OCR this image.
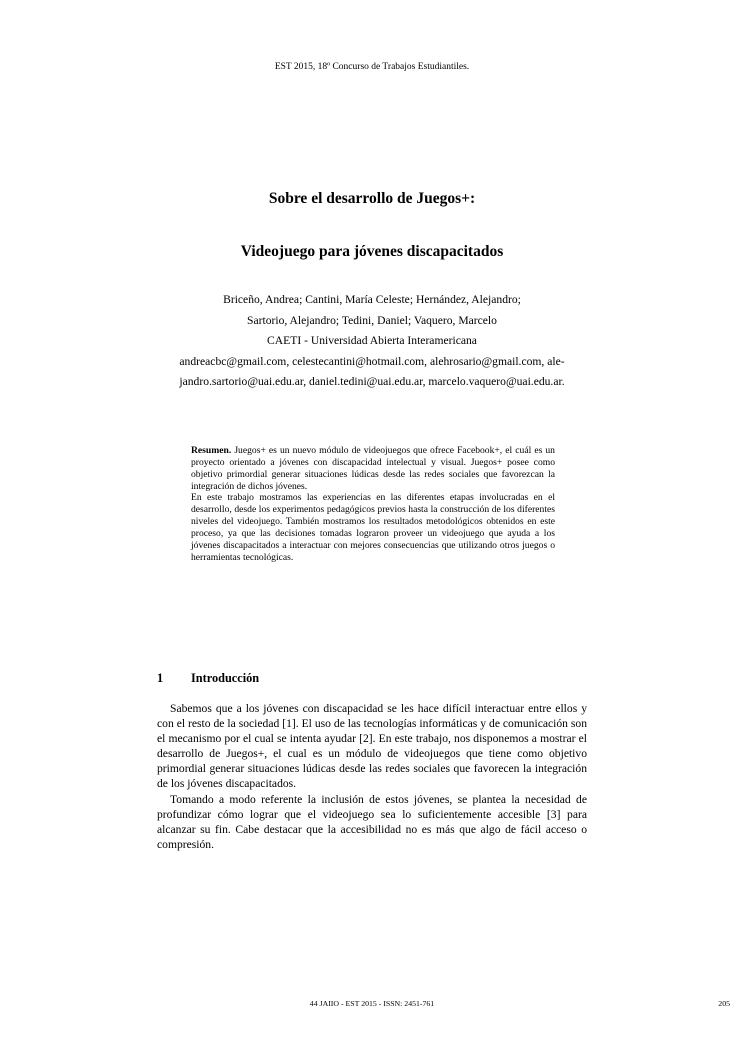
EST 2015, 18º Concurso de Trabajos Estudiantiles.
Sobre el desarrollo de Juegos+:
Videojuego para jóvenes discapacitados
Briceño, Andrea; Cantini, María Celeste; Hernández, Alejandro;
Sartorio, Alejandro; Tedini, Daniel; Vaquero, Marcelo
CAETI - Universidad Abierta Interamericana
andreacbc@gmail.com, celestecantini@hotmail.com, alehrosario@gmail.com, ale-
jandro.sartorio@uai.edu.ar, daniel.tedini@uai.edu.ar, marcelo.vaquero@uai.edu.ar.

Resumen. Juegos+ es un nuevo módulo de videojuegos que ofrece Facebook+, el cuál es un proyecto orientado a jóvenes con discapacidad intelectual y visual. Juegos+ posee como objetivo primordial generar situaciones lúdicas desde las redes sociales que favorezcan la integración de dichos jóvenes.

En este trabajo mostramos las experiencias en las diferentes etapas involucradas en el desarrollo, desde los experimentos pedagógicos previos hasta la construcción de los diferentes niveles del videojuego. También mostramos los resultados metodológicos obtenidos en este proceso, ya que las decisiones tomadas lograron proveer un videojuego que ayuda a los jóvenes discapacitados a interactuar con mejores consecuencias que utilizando otros juegos o herramientas tecnológicas.

1 Introducción

Sabemos que a los jóvenes con discapacidad se les hace difícil interactuar entre ellos y con el resto de la sociedad [1]. El uso de las tecnologías informáticas y de comunicación son el mecanismo por el cual se intenta ayudar [2]. En este trabajo, nos disponemos a mostrar el desarrollo de Juegos+, el cual es un módulo de videojuegos que tiene como objetivo primordial generar situaciones lúdicas desde las redes sociales que favorecen la integración de los jóvenes discapacitados.

Tomando a modo referente la inclusión de estos jóvenes, se plantea la necesidad de profundizar cómo lograr que el videojuego sea lo suficientemente accesible [3] para alcanzar su fin. Cabe destacar que la accesibilidad no es más que algo de fácil acceso o compresión.

44 JAIIO - EST 2015 - ISSN: 2451-761	205
